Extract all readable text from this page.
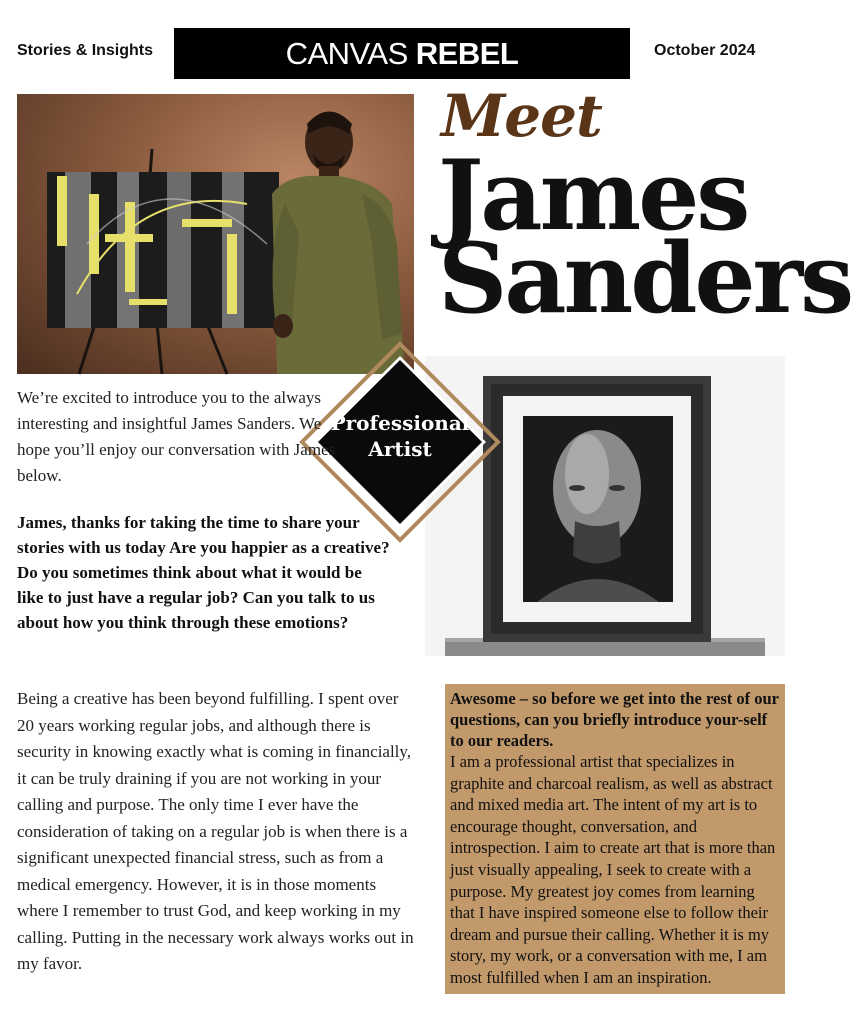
Stories & Insights	CANVAS REBEL	October 2024
Meet
James
Sanders
Professional
Artist
We’re excited to introduce you to the always interesting and insightful James Sanders. We hope you’ll enjoy our conversation with James below.
James, thanks for taking the time to share your stories with us today Are you happier as a creative? Do you sometimes think about what it would be like to just have a regular job? Can you talk to us about how you think through these emotions?
Being a creative has been beyond fulfilling. I spent over 20 years working regular jobs, and although there is security in knowing exactly what is coming in financially, it can be truly draining if you are not working in your calling and purpose. The only time I ever have the consideration of taking on a regular job is when there is a significant unexpected financial stress, such as from a medical emergency. However, it is in those moments where I remember to trust God, and keep working in my calling. Putting in the necessary work always works out in my favor.
Awesome – so before we get into the rest of our questions, can you briefly introduce your-self to our readers.
I am a professional artist that specializes in graphite and charcoal realism, as well as abstract and mixed media art. The intent of my art is to encourage thought, conversation, and introspection. I aim to create art that is more than just visually appealing, I seek to create with a purpose. My greatest joy comes from learning that I have inspired someone else to follow their dream and pursue their calling. Whether it is my story, my work, or a conversation with me, I am most fulfilled when I am an inspiration.
